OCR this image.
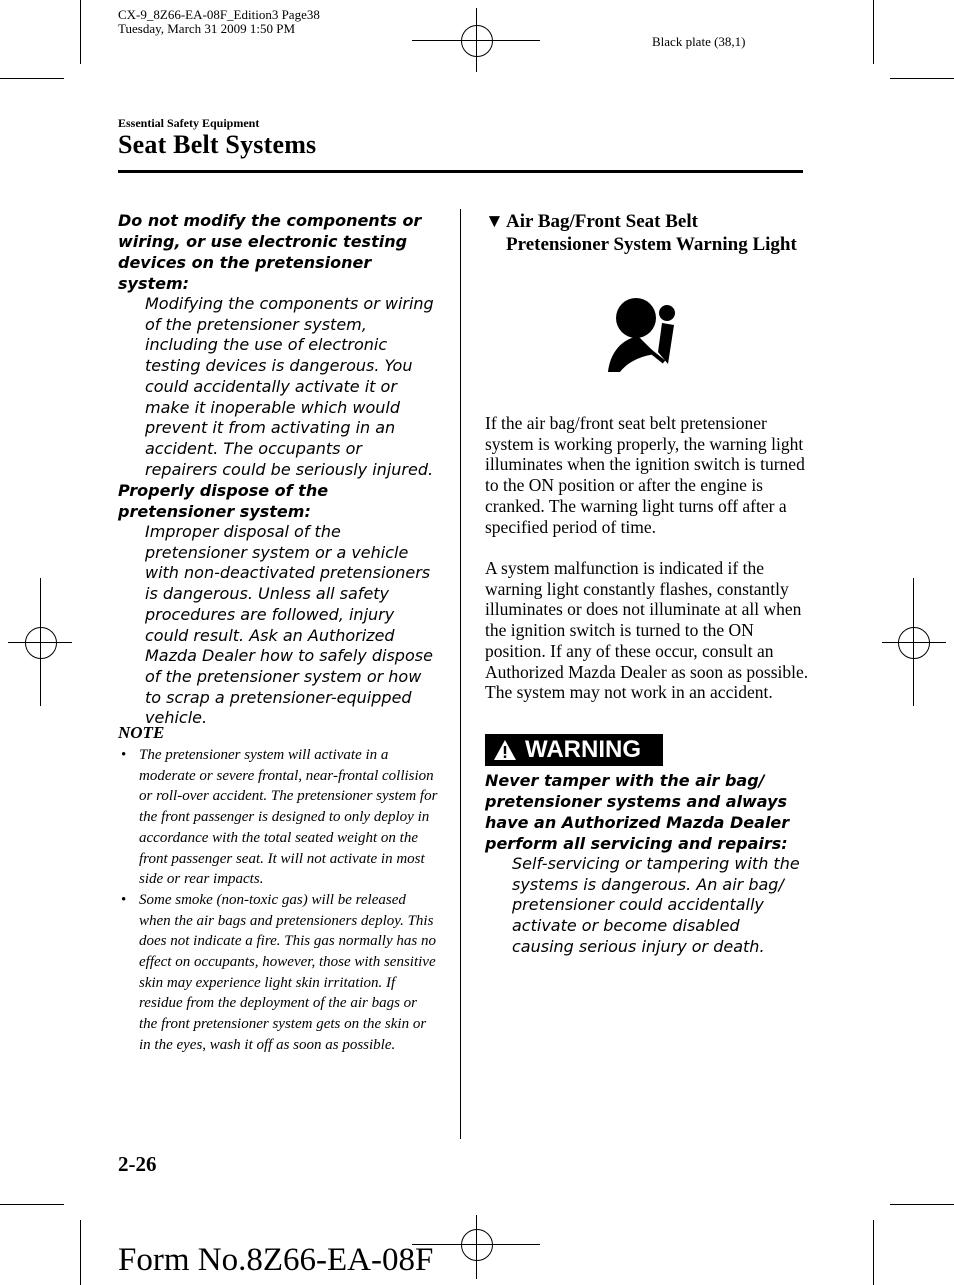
CX-9_8Z66-EA-08F_Edition3 Page38
Tuesday, March 31 2009 1:50 PM
Black plate (38,1)
Essential Safety Equipment
Seat Belt Systems
Do not modify the components or wiring, or use electronic testing devices on the pretensioner system:
Modifying the components or wiring of the pretensioner system, including the use of electronic testing devices is dangerous. You could accidentally activate it or make it inoperable which would prevent it from activating in an accident. The occupants or repairers could be seriously injured.
Properly dispose of the pretensioner system:
Improper disposal of the pretensioner system or a vehicle with non-deactivated pretensioners is dangerous. Unless all safety procedures are followed, injury could result. Ask an Authorized Mazda Dealer how to safely dispose of the pretensioner system or how to scrap a pretensioner-equipped vehicle.
NOTE
• The pretensioner system will activate in a moderate or severe frontal, near-frontal collision or roll-over accident. The pretensioner system for the front passenger is designed to only deploy in accordance with the total seated weight on the front passenger seat. It will not activate in most side or rear impacts.
• Some smoke (non-toxic gas) will be released when the air bags and pretensioners deploy. This does not indicate a fire. This gas normally has no effect on occupants, however, those with sensitive skin may experience light skin irritation. If residue from the deployment of the air bags or the front pretensioner system gets on the skin or in the eyes, wash it off as soon as possible.
▼ Air Bag/Front Seat Belt
Pretensioner System Warning Light
If the air bag/front seat belt pretensioner system is working properly, the warning light illuminates when the ignition switch is turned to the ON position or after the engine is cranked. The warning light turns off after a specified period of time.
A system malfunction is indicated if the warning light constantly flashes, constantly illuminates or does not illuminate at all when the ignition switch is turned to the ON position. If any of these occur, consult an Authorized Mazda Dealer as soon as possible. The system may not work in an accident.
WARNING
Never tamper with the air bag/ pretensioner systems and always have an Authorized Mazda Dealer perform all servicing and repairs:
Self-servicing or tampering with the systems is dangerous. An air bag/ pretensioner could accidentally activate or become disabled causing serious injury or death.
2-26
Form No.8Z66-EA-08F
